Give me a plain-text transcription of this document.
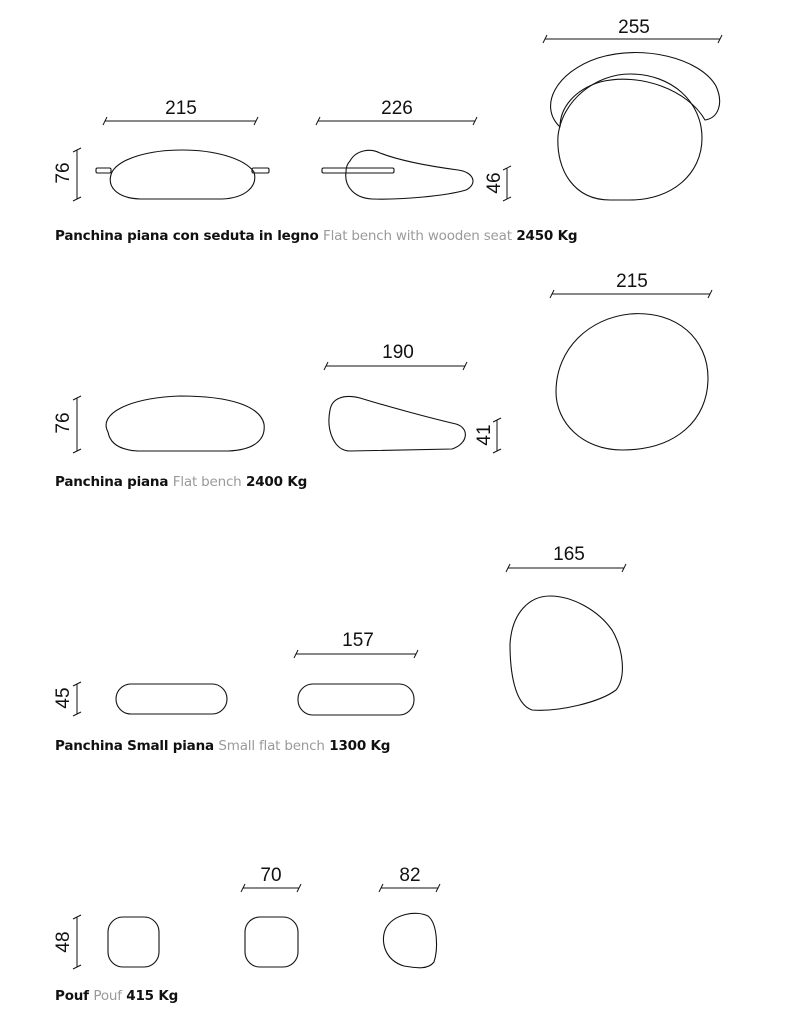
215	226
255
76	46
215
190
76
41
165
157
45
70	82
48

Panchina piana con seduta in legno Flat bench with wooden seat 2450 Kg

Panchina piana Flat bench 2400 Kg

Panchina Small piana Small flat bench 1300 Kg

Pouf Pouf 415 Kg
